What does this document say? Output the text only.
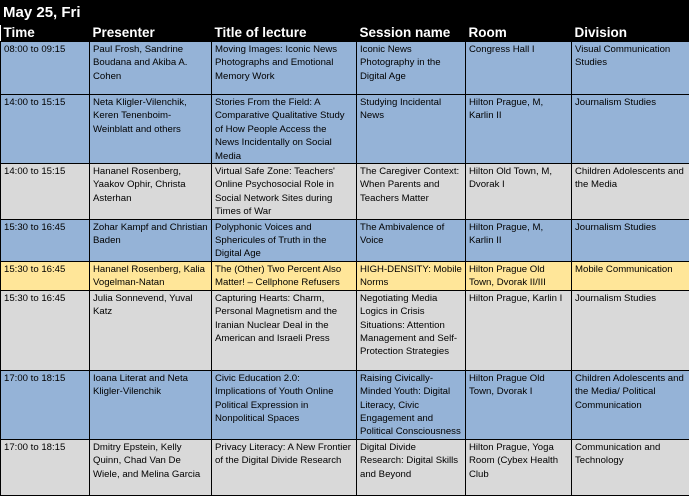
May 25, Fri
Time	Presenter	Title of lecture	Session name	Room	Division
08:00 to 09:15	Paul Frosh, Sandrine Boudana and Akiba A. Cohen	Moving Images: Iconic News Photographs and Emotional Memory Work	Iconic News Photography in the Digital Age	Congress Hall I	Visual Communication Studies
14:00 to 15:15	Neta Kligler-Vilenchik, Keren Tenenboim-Weinblatt and others	Stories From the Field: A Comparative Qualitative Study of How People Access the News Incidentally on Social Media	Studying Incidental News	Hilton Prague, M, Karlin II	Journalism Studies
14:00 to 15:15	Hananel Rosenberg, Yaakov Ophir, Christa Asterhan	Virtual Safe Zone: Teachers' Online Psychosocial Role in Social Network Sites during Times of War	The Caregiver Context: When Parents and Teachers Matter	Hilton Old Town, M, Dvorak I	Children Adolescents and the Media
15:30 to 16:45	Zohar Kampf and Christian Baden	Polyphonic Voices and Sphericules of Truth in the Digital Age	The Ambivalence of Voice	Hilton Prague, M, Karlin II	Journalism Studies
15:30 to 16:45	Hananel Rosenberg, Kalia Vogelman-Natan	The (Other) Two Percent Also Matter! – Cellphone Refusers	HIGH-DENSITY: Mobile Norms	Hilton Prague Old Town, Dvorak II/III	Mobile Communication
15:30 to 16:45	Julia Sonnevend, Yuval Katz	Capturing Hearts: Charm, Personal Magnetism and the Iranian Nuclear Deal in the American and Israeli Press	Negotiating Media Logics in Crisis Situations: Attention Management and Self-Protection Strategies	Hilton Prague, Karlin I	Journalism Studies
17:00 to 18:15	Ioana Literat and Neta Kligler-Vilenchik	Civic Education 2.0: Implications of Youth Online Political Expression in Nonpolitical Spaces	Raising Civically-Minded Youth: Digital Literacy, Civic Engagement and Political Consciousness	Hilton Prague Old Town, Dvorak I	Children Adolescents and the Media/ Political Communication
17:00 to 18:15	Dmitry Epstein, Kelly Quinn, Chad Van De Wiele, and Melina Garcia	Privacy Literacy: A New Frontier of the Digital Divide Research	Digital Divide Research: Digital Skills and Beyond	Hilton Prague, Yoga Room (Cybex Health Club	Communication and Technology
